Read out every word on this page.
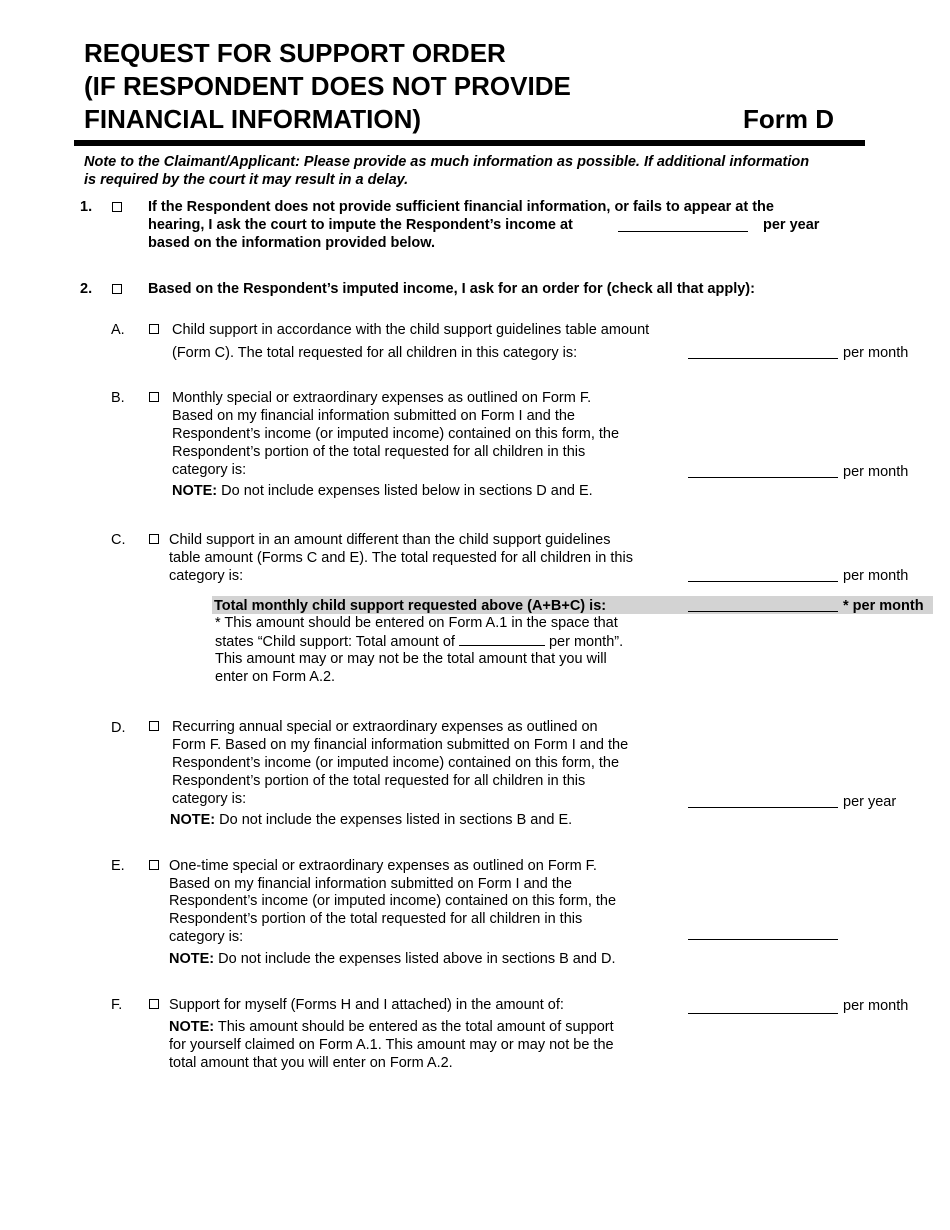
REQUEST FOR SUPPORT ORDER
(IF RESPONDENT DOES NOT PROVIDE
FINANCIAL INFORMATION)	Form D
Note to the Claimant/Applicant: Please provide as much information as possible. If additional information
is required by the court it may result in a delay.
1.	If the Respondent does not provide sufficient financial information, or fails to appear at the
hearing, I ask the court to impute the Respondent’s income at	per year
based on the information provided below.
2.	Based on the Respondent’s imputed income, I ask for an order for (check all that apply):
A.	Child support in accordance with the child support guidelines table amount
(Form C). The total requested for all children in this category is:	per month
B.	Monthly special or extraordinary expenses as outlined on Form F.
Based on my financial information submitted on Form I and the
Respondent’s income (or imputed income) contained on this form, the
Respondent’s portion of the total requested for all children in this
category is:	per month
NOTE: Do not include expenses listed below in sections D and E.
C.	Child support in an amount different than the child support guidelines
table amount (Forms C and E). The total requested for all children in this
category is:	per month
Total monthly child support requested above (A+B+C) is:	* per month
* This amount should be entered on Form A.1 in the space that
states “Child support: Total amount of	per month”.
This amount may or may not be the total amount that you will
enter on Form A.2.
D.	Recurring annual special or extraordinary expenses as outlined on
Form F. Based on my financial information submitted on Form I and the
Respondent’s income (or imputed income) contained on this form, the
Respondent’s portion of the total requested for all children in this
category is:	per year
NOTE: Do not include the expenses listed in sections B and E.
E.	One-time special or extraordinary expenses as outlined on Form F.
Based on my financial information submitted on Form I and the
Respondent’s income (or imputed income) contained on this form, the
Respondent’s portion of the total requested for all children in this
category is:
NOTE: Do not include the expenses listed above in sections B and D.
F.	Support for myself (Forms H and I attached) in the amount of:	per month
NOTE: This amount should be entered as the total amount of support
for yourself claimed on Form A.1. This amount may or may not be the
total amount that you will enter on Form A.2.
